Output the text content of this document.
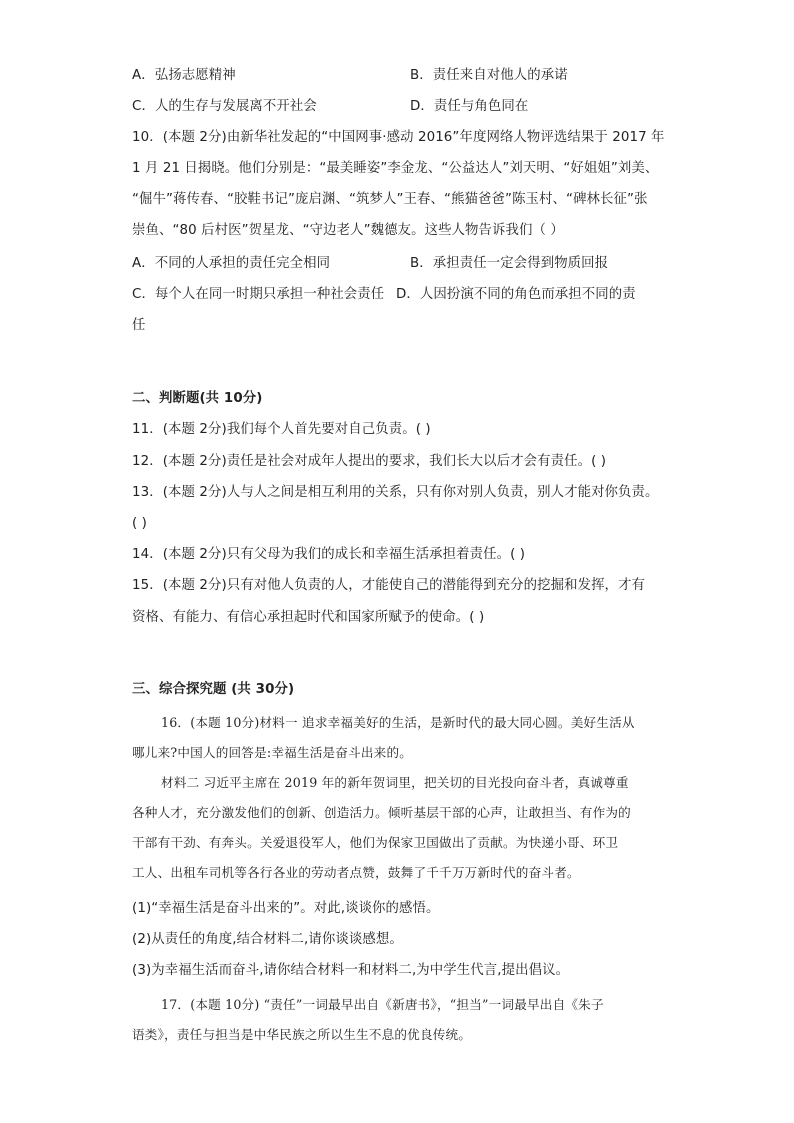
A．弘扬志愿精神	B．责任来自对他人的承诺
C．人的生存与发展离不开社会	D．责任与角色同在
10．(本题 2分)由新华社发起的“中国网事·感动 2016”年度网络人物评选结果于 2017 年
1 月 21 日揭晓。他们分别是：“最美睡姿”李金龙、“公益达人”刘天明、“好姐姐”刘美、
“倔牛”蒋传春、“胶鞋书记”庞启渊、“筑梦人”王春、“熊猫爸爸”陈玉村、“碑林长征”张
崇鱼、“80 后村医”贺星龙、“守边老人”魏德友。这些人物告诉我们（ ）
A．不同的人承担的责任完全相同	B．承担责任一定会得到物质回报
C．每个人在同一时期只承担一种社会责任 D．人因扮演不同的角色而承担不同的责
任
二、判断题(共 10分)
11．(本题 2分)我们每个人首先要对自己负责。( )
12．(本题 2分)责任是社会对成年人提出的要求，我们长大以后才会有责任。( )
13．(本题 2分)人与人之间是相互利用的关系，只有你对别人负责，别人才能对你负责。
( )
14．(本题 2分)只有父母为我们的成长和幸福生活承担着责任。( )
15．(本题 2分)只有对他人负责的人，才能使自己的潜能得到充分的挖掘和发挥，才有
资格、有能力、有信心承担起时代和国家所赋予的使命。( )
三、综合探究题 (共 30分)
16．(本题 10分)材料一 追求幸福美好的生活，是新时代的最大同心圆。美好生活从
哪儿来?中国人的回答是:幸福生活是奋斗出来的。
材料二 习近平主席在 2019 年的新年贺词里，把关切的目光投向奋斗者，真诚尊重
各种人才，充分激发他们的创新、创造活力。倾听基层干部的心声，让敢担当、有作为的
干部有干劲、有奔头。关爱退役军人，他们为保家卫国做出了贡献。为快递小哥、环卫
工人、出租车司机等各行各业的劳动者点赞，鼓舞了千千万万新时代的奋斗者。
(1)“幸福生活是奋斗出来的”。对此,谈谈你的感悟。
(2)从责任的角度,结合材料二,请你谈谈感想。
(3)为幸福生活而奋斗,请你结合材料一和材料二,为中学生代言,提出倡议。
17．(本题 10分) “责任”一词最早出自《新唐书》，“担当”一词最早出自《朱子
语类》，责任与担当是中华民族之所以生生不息的优良传统。
